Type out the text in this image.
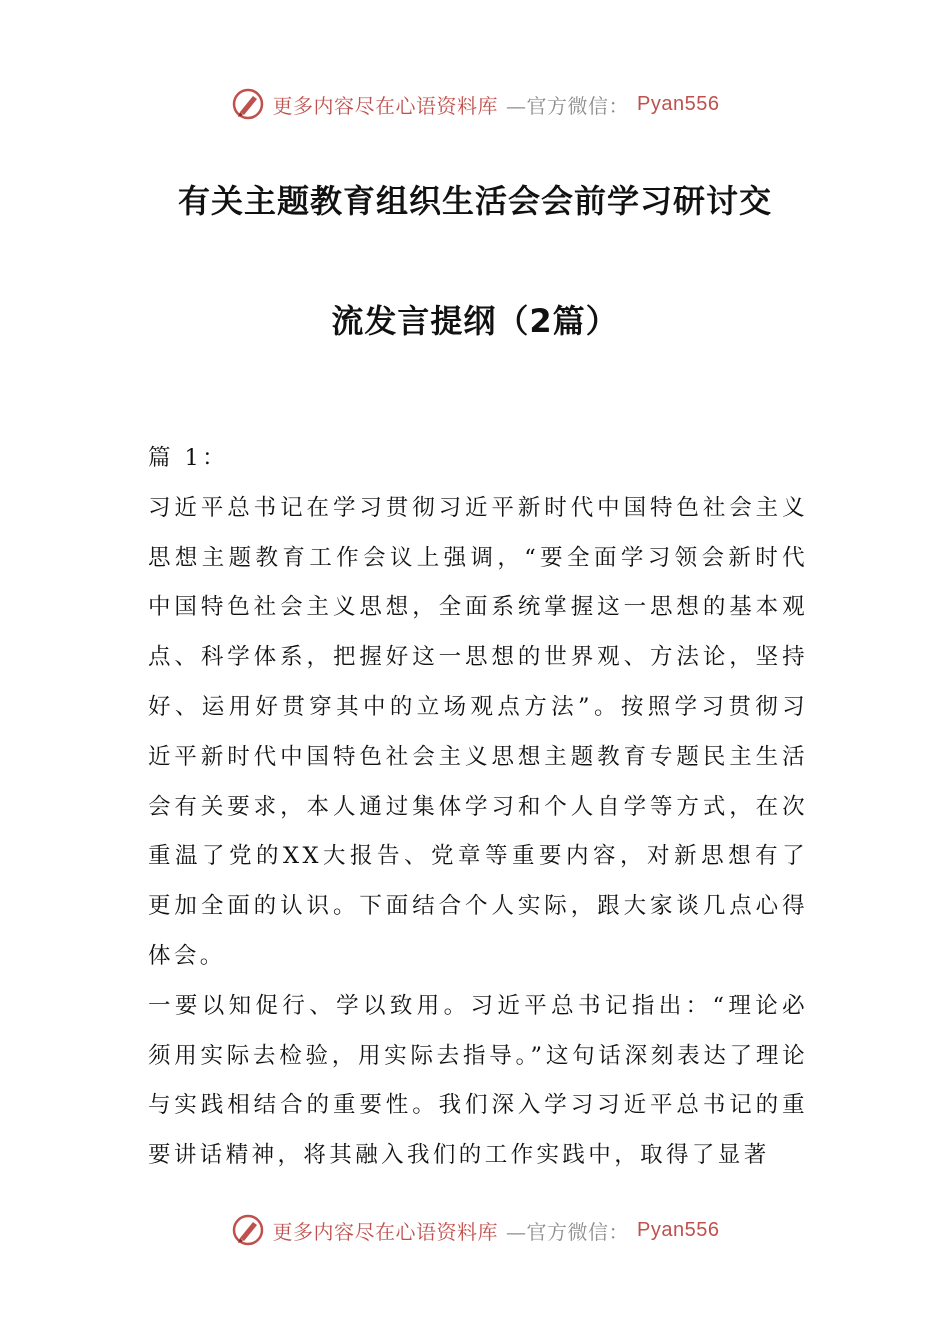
更多内容尽在心语资料库 —官方微信： Pyan556
有关主题教育组织生活会会前学习研讨交
流发言提纲（2篇）

篇 1：

习近平总书记在学习贯彻习近平新时代中国特色社会主义思想主题教育工作会议上强调，“要全面学习领会新时代中国特色社会主义思想，全面系统掌握这一思想的基本观点、科学体系，把握好这一思想的世界观、方法论，坚持好、运用好贯穿其中的立场观点方法”。按照学习贯彻习近平新时代中国特色社会主义思想主题教育专题民主生活会有关要求，本人通过集体学习和个人自学等方式，在次重温了党的XX大报告、党章等重要内容，对新思想有了更加全面的认识。下面结合个人实际，跟大家谈几点心得体会。

一要以知促行、学以致用。习近平总书记指出：“理论必须用实际去检验，用实际去指导。”这句话深刻表达了理论与实践相结合的重要性。我们深入学习习近平总书记的重要讲话精神，将其融入我们的工作实践中，取得了显著

更多内容尽在心语资料库 —官方微信： Pyan556
